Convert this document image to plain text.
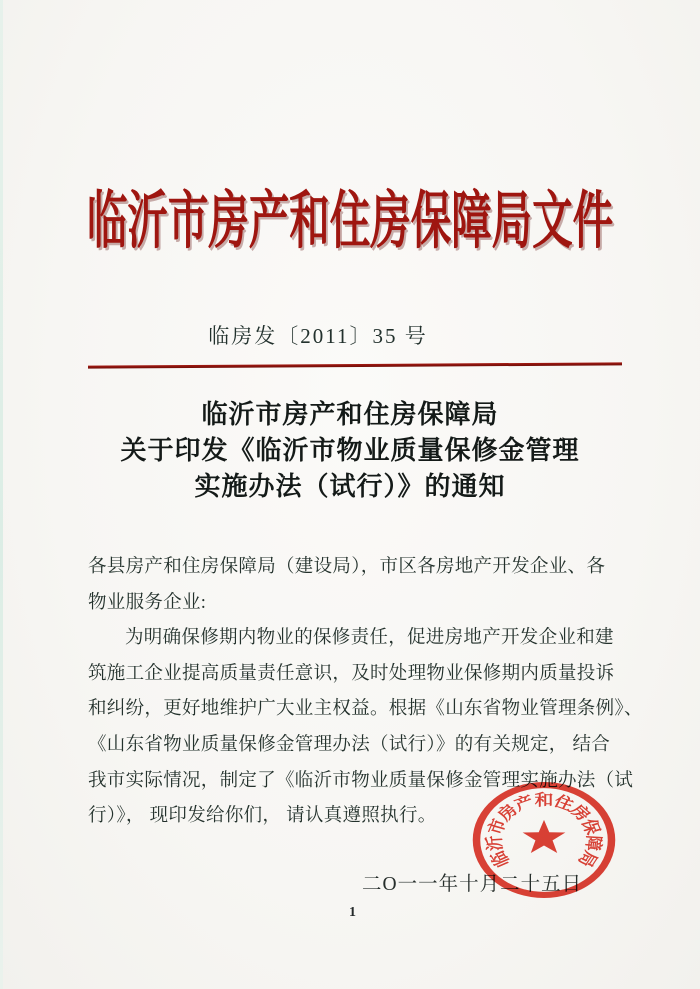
临沂市房产和住房保障局文件
临房发〔2011〕35 号
临沂市房产和住房保障局
关于印发《临沂市物业质量保修金管理
实施办法（试行）》的通知
各县房产和住房保障局（建设局），市区各房地产开发企业、各
物业服务企业:
为明确保修期内物业的保修责任，促进房地产开发企业和建
筑施工企业提高质量责任意识，及时处理物业保修期内质量投诉
和纠纷，更好地维护广大业主权益。根据《山东省物业管理条例》、
《山东省物业质量保修金管理办法（试行）》的有关规定， 结合
我市实际情况，制定了《临沂市物业质量保修金管理实施办法（试
行）》， 现印发给你们， 请认真遵照执行。
二O一一年十月二十五日
1
临
沂
市
房
产
和
住
房
保
障
局
